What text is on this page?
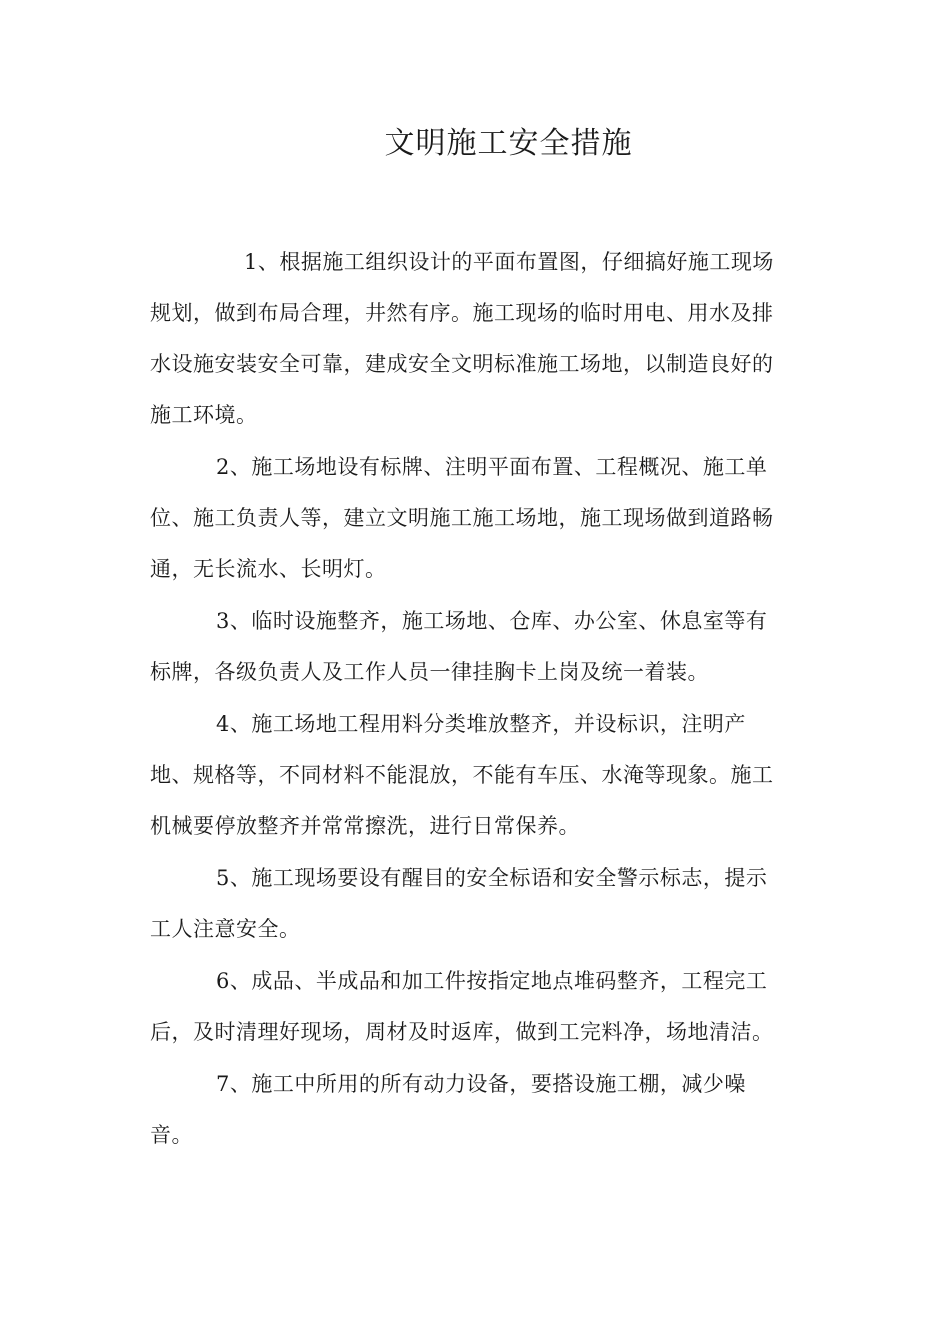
文明施工安全措施
1、根据施工组织设计的平面布置图，仔细搞好施工现场
规划，做到布局合理，井然有序。施工现场的临时用电、用水及排
水设施安装安全可靠，建成安全文明标准施工场地，以制造良好的
施工环境。
2、施工场地设有标牌、注明平面布置、工程概况、施工单
位、施工负责人等，建立文明施工施工场地，施工现场做到道路畅
通，无长流水、长明灯。
3、临时设施整齐，施工场地、仓库、办公室、休息室等有
标牌，各级负责人及工作人员一律挂胸卡上岗及统一着装。
4、施工场地工程用料分类堆放整齐，并设标识，注明产
地、规格等，不同材料不能混放，不能有车压、水淹等现象。施工
机械要停放整齐并常常擦洗，进行日常保养。
5、施工现场要设有醒目的安全标语和安全警示标志，提示
工人注意安全。
6、成品、半成品和加工件按指定地点堆码整齐，工程完工
后，及时清理好现场，周材及时返库，做到工完料净，场地清洁。
7、施工中所用的所有动力设备，要搭设施工棚，减少噪
音。
